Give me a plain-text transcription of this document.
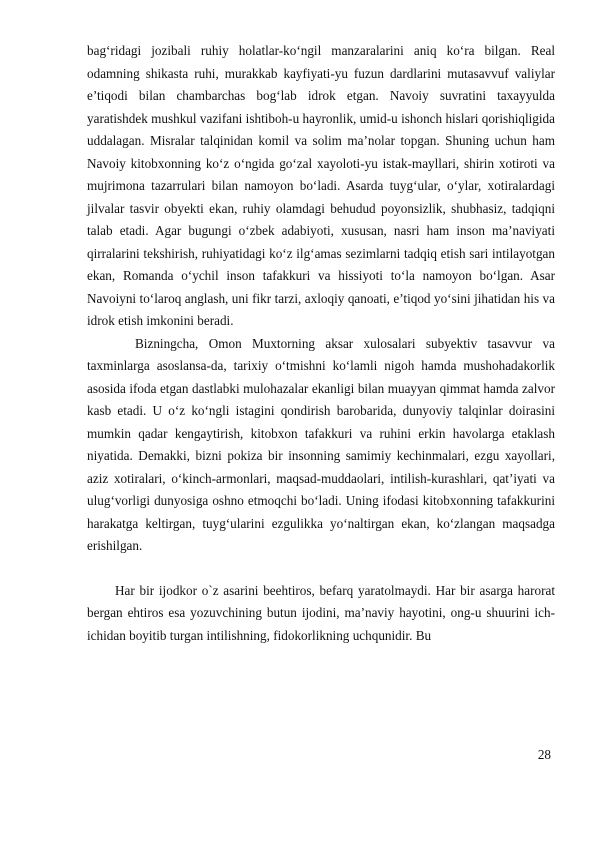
bag‘ridagi jozibali ruhiy holatlar-ko‘ngil manzaralarini aniq ko‘ra bilgan. Real odamning shikasta ruhi, murakkab kayfiyati-yu fuzun dardlarini mutasavvuf valiylar e’tiqodi bilan chambarchas bog‘lab idrok etgan. Navoiy suvratini taxayyulda yaratishdek mushkul vazifani ishtiboh-u hayronlik, umid-u ishonch hislari qorishiqligida uddalagan. Misralar talqinidan komil va solim ma’nolar topgan. Shuning uchun ham Navoiy kitobxonning ko‘z o‘ngida go‘zal xayoloti-yu istak-mayllari, shirin xotiroti va mujrimona tazarrulari bilan namoyon bo‘ladi. Asarda tuyg‘ular, o‘ylar, xotiralardagi jilvalar tasvir obyekti ekan, ruhiy olamdagi behudud poyonsizlik, shubhasiz, tadqiqni talab etadi. Agar bugungi o‘zbek adabiyoti, xususan, nasri ham inson ma’naviyati qirralarini tekshirish, ruhiyatidagi ko‘z ilg‘amas sezimlarni tadqiq etish sari intilayotgan ekan, Romanda o‘ychil inson tafakkuri va hissiyoti to‘la namoyon bo‘lgan. Asar Navoiyni to‘laroq anglash, uni fikr tarzi, axloqiy qanoati, e’tiqod yo‘sini jihatidan his va idrok etish imkonini beradi.

Bizningcha, Omon Muxtorning aksar xulosalari subyektiv tasavvur va taxminlarga asoslansa-da, tarixiy o‘tmishni ko‘lamli nigoh hamda mushohadakorlik asosida ifoda etgan dastlabki mulohazalar ekanligi bilan muayyan qimmat hamda zalvor kasb etadi. U o‘z ko‘ngli istagini qondirish barobarida, dunyoviy talqinlar doirasini mumkin qadar kengaytirish, kitobxon tafakkuri va ruhini erkin havolarga etaklash niyatida. Demakki, bizni pokiza bir insonning samimiy kechinmalari, ezgu xayollari, aziz xotiralari, o‘kinch-armonlari, maqsad-muddaolari, intilish-kurashlari, qat’iyati va ulug‘vorligi dunyosiga oshno etmoqchi bo‘ladi. Uning ifodasi kitobxonning tafakkurini harakatga keltirgan, tuyg‘ularini ezgulikka yo‘naltirgan ekan, ko‘zlangan maqsadga erishilgan.

Har bir ijodkor o`z asarini beehtiros, befarq yaratolmaydi. Har bir asarga harorat bergan ehtiros esa yozuvchining butun ijodini, ma’naviy hayotini, ong-u shuurini ich-ichidan boyitib turgan intilishning, fidokorlikning uchqunidir. Bu

28
